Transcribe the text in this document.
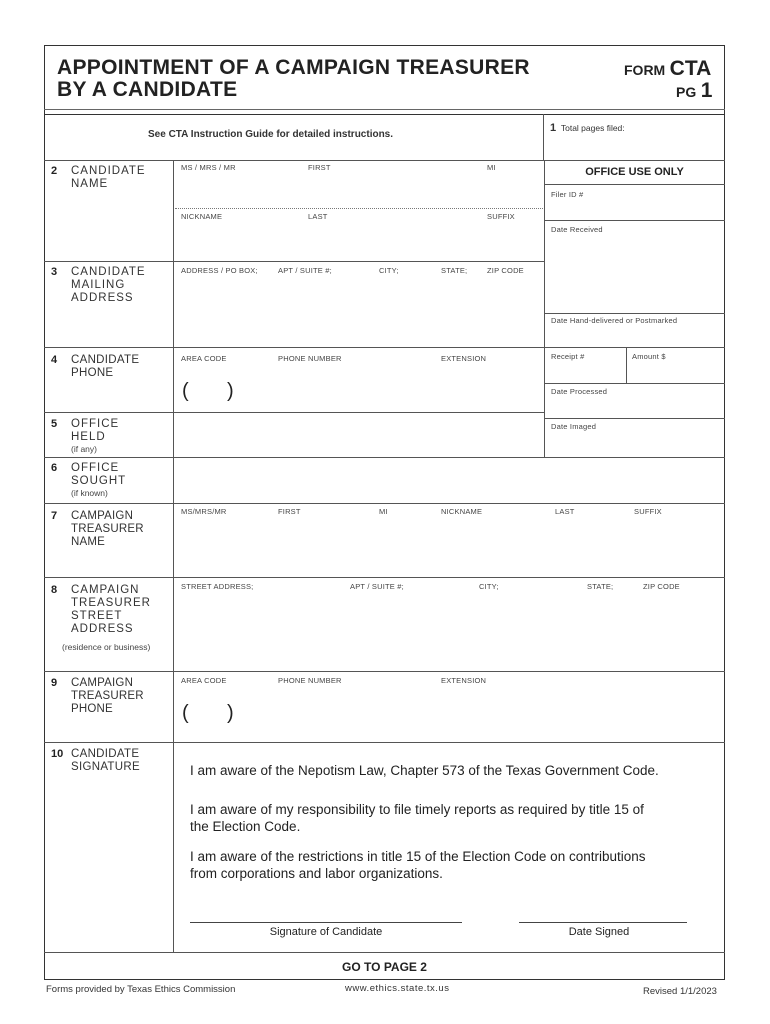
APPOINTMENT OF A CAMPAIGN TREASURER
BY A CANDIDATE
FORM CTA
PG 1
See CTA Instruction Guide for detailed instructions.
1 Total pages filed:
OFFICE USE ONLY
Filer ID #
Date Received
Date Hand-delivered or Postmarked
Receipt #	Amount $
Date Processed
Date Imaged
2	CANDIDATE
NAME
MS / MRS / MR	FIRST	MI
NICKNAME	LAST	SUFFIX
3	CANDIDATE
MAILING
ADDRESS
ADDRESS / PO BOX;	APT / SUITE #;	CITY;	STATE;	ZIP CODE
4	CANDIDATE
PHONE
AREA CODE	PHONE NUMBER	EXTENSION
( )
5	OFFICE
HELD
(if any)
6	OFFICE
SOUGHT
(if known)
7	CAMPAIGN
TREASURER
NAME
MS/MRS/MR	FIRST	MI	NICKNAME	LAST	SUFFIX
8	CAMPAIGN
TREASURER
STREET
ADDRESS
(residence or business)
STREET ADDRESS;	APT / SUITE #;	CITY;	STATE;	ZIP CODE
9	CAMPAIGN
TREASURER
PHONE
AREA CODE	PHONE NUMBER	EXTENSION
( )
10 CANDIDATE
SIGNATURE	I am aware of the Nepotism Law, Chapter 573 of the Texas Government Code.
I am aware of my responsibility to file timely reports as required by title 15 of
the Election Code.
I am aware of the restrictions in title 15 of the Election Code on contributions
from corporations and labor organizations.
Signature of Candidate	Date Signed
GO TO PAGE 2
Forms provided by Texas Ethics Commission	www.ethics.state.tx.us	Revised 1/1/2023
